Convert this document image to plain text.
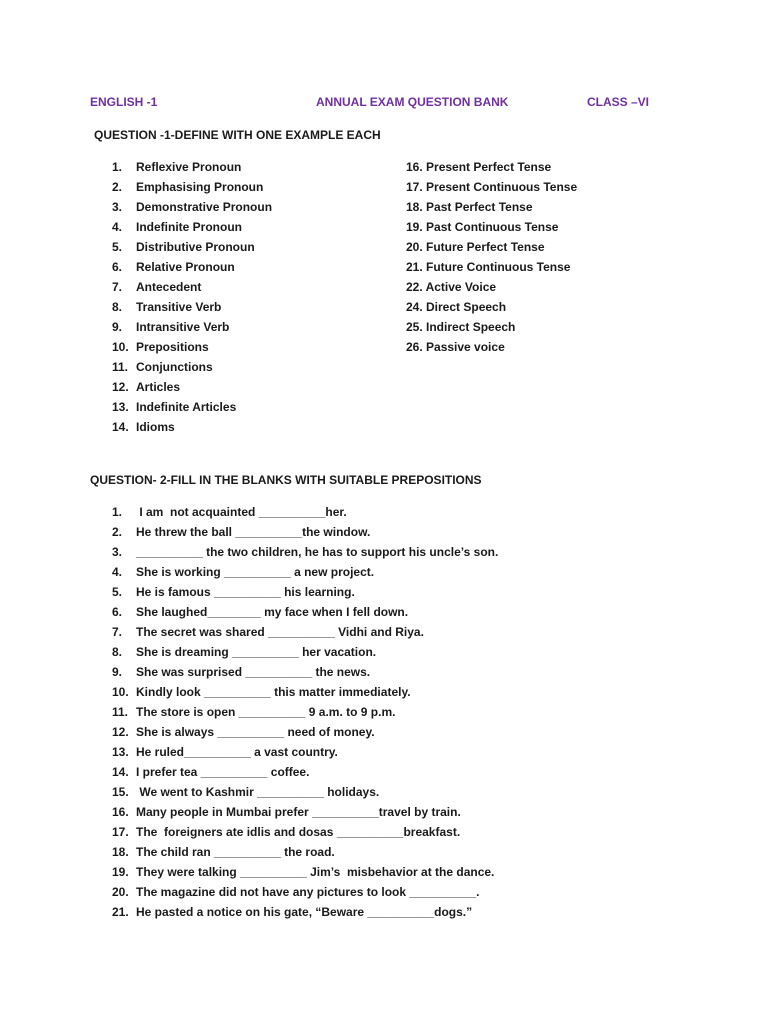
ENGLISH -1	ANNUAL EXAM QUESTION BANK	CLASS –VI
QUESTION -1-DEFINE WITH ONE EXAMPLE EACH
1.	Reflexive Pronoun
2.	Emphasising Pronoun
3.	Demonstrative Pronoun
4.	Indefinite Pronoun
5.	Distributive Pronoun
6.	Relative Pronoun
7.	Antecedent
8.	Transitive Verb
9.	Intransitive Verb
10. Prepositions
11. Conjunctions
12. Articles
13. Indefinite Articles
14. Idioms
16. Present Perfect Tense
17. Present Continuous Tense
18. Past Perfect Tense
19. Past Continuous Tense
20. Future Perfect Tense
21. Future Continuous Tense
22. Active Voice
24. Direct Speech
25. Indirect Speech
26. Passive voice
QUESTION- 2-FILL IN THE BLANKS WITH SUITABLE PREPOSITIONS
1.	I am  not acquainted __________her.
2.	He threw the ball __________the window.
3.	__________ the two children, he has to support his uncle’s son.
4.	She is working __________ a new project.
5.	He is famous __________ his learning.
6.	She laughed________ my face when I fell down.
7.	The secret was shared __________ Vidhi and Riya.
8.	She is dreaming __________ her vacation.
9.	She was surprised __________ the news.
10. Kindly look __________ this matter immediately.
11. The store is open __________ 9 a.m. to 9 p.m.
12. She is always __________ need of money.
13. He ruled__________ a vast country.
14. I prefer tea __________ coffee.
15. We went to Kashmir __________ holidays.
16. Many people in Mumbai prefer __________travel by train.
17. The  foreigners ate idlis and dosas __________breakfast.
18. The child ran __________ the road.
19. They were talking __________ Jim’s  misbehavior at the dance.
20. The magazine did not have any pictures to look __________.
21. He pasted a notice on his gate, “Beware __________dogs.”
